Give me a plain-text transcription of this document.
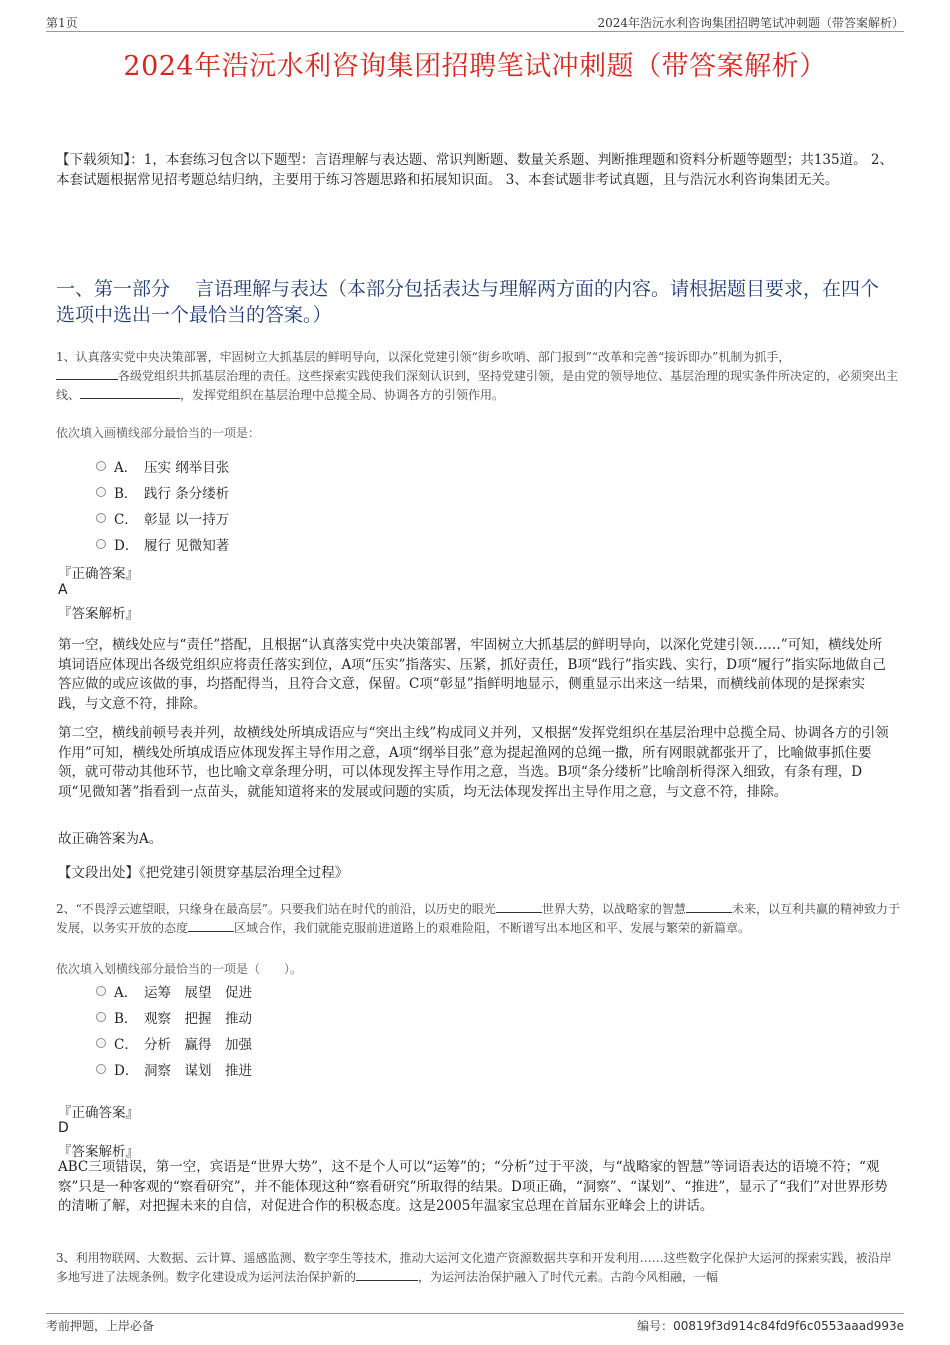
第1页	2024年浩沅水利咨询集团招聘笔试冲刺题（带答案解析）
2024年浩沅水利咨询集团招聘笔试冲刺题（带答案解析）
【下载须知】：1，本套练习包含以下题型：言语理解与表达题、常识判断题、数量关系题、判断推理题和资料分析题等题型；共135道。 2、本套试题根据常见招考题总结归纳，主要用于练习答题思路和拓展知识面。 3、本套试题非考试真题，且与浩沅水利咨询集团无关。
一、第一部分　 言语理解与表达（本部分包括表达与理解两方面的内容。请根据题目要求，在四个选项中选出一个最恰当的答案。）
1、认真落实党中央决策部署，牢固树立大抓基层的鲜明导向，以深化党建引领“街乡吹哨、部门报到”“改革和完善“接诉即办”机制为抓手，
各级党组织共抓基层治理的责任。这些探索实践使我们深刻认识到，坚持党建引领，是由党的领导地位、基层治理的现实条件所决定的，必须突出主线、	，发挥党组织在基层治理中总揽全局、协调各方的引领作用。
依次填入画横线部分最恰当的一项是：
A． 压实 纲举目张
B． 践行 条分缕析
C． 彰显 以一持万
D． 履行 见微知著
『正确答案』
A
『答案解析』
第一空，横线处应与“责任”搭配，且根据“认真落实党中央决策部署，牢固树立大抓基层的鲜明导向，以深化党建引领……”可知，横线处所填词语应体现出各级党组织应将责任落实到位，A项“压实”指落实、压紧，抓好责任，B项“践行”指实践、实行，D项“履行”指实际地做自己答应做的或应该做的事，均搭配得当，且符合文意，保留。C项“彰显”指鲜明地显示，侧重显示出来这一结果，而横线前体现的是探索实践，与文意不符，排除。
第二空，横线前顿号表并列，故横线处所填成语应与“突出主线”构成同义并列，又根据“发挥党组织在基层治理中总揽全局、协调各方的引领作用”可知，横线处所填成语应体现发挥主导作用之意，A项“纲举目张”意为提起渔网的总绳一撒，所有网眼就都张开了，比喻做事抓住要领，就可带动其他环节，也比喻文章条理分明，可以体现发挥主导作用之意，当选。B项“条分缕析”比喻剖析得深入细致，有条有理，D项“见微知著”指看到一点苗头，就能知道将来的发展或问题的实质，均无法体现发挥出主导作用之意，与文意不符，排除。
故正确答案为A。
【文段出处】《把党建引领贯穿基层治理全过程》
2、“不畏浮云遮望眼，只缘身在最高层”。只要我们站在时代的前沿，以历史的眼光	世界大势，以战略家的智慧	未来，以互利共赢的精神致力于发展，以务实开放的态度	区域合作，我们就能克服前进道路上的艰难险阻，不断谱写出本地区和平、发展与繁荣的新篇章。
依次填入划横线部分最恰当的一项是（　　）。
A． 运筹　展望　促进
B． 观察　把握　推动
C． 分析　赢得　加强
D． 洞察　谋划　推进
『正确答案』
D
『答案解析』
ABC三项错误，第一空，宾语是“世界大势”，这不是个人可以“运筹”的；“分析”过于平淡，与“战略家的智慧”等词语表达的语境不符；“观察”只是一种客观的“察看研究”，并不能体现这种“察看研究”所取得的结果。D项正确，“洞察”、“谋划”、“推进”，显示了“我们”对世界形势的清晰了解，对把握未来的自信，对促进合作的积极态度。这是2005年温家宝总理在首届东亚峰会上的讲话。
3、利用物联网、大数据、云计算、遥感监测、数字孪生等技术，推动大运河文化遗产资源数据共享和开发利用……这些数字化保护大运河的探索实践，被沿岸多地写进了法规条例。数字化建设成为运河法治保护新的	，为运河法治保护融入了时代元素。古韵今风相融，一幅
考前押题，上岸必备	编号：00819f3d914c84fd9f6c0553aaad993e
